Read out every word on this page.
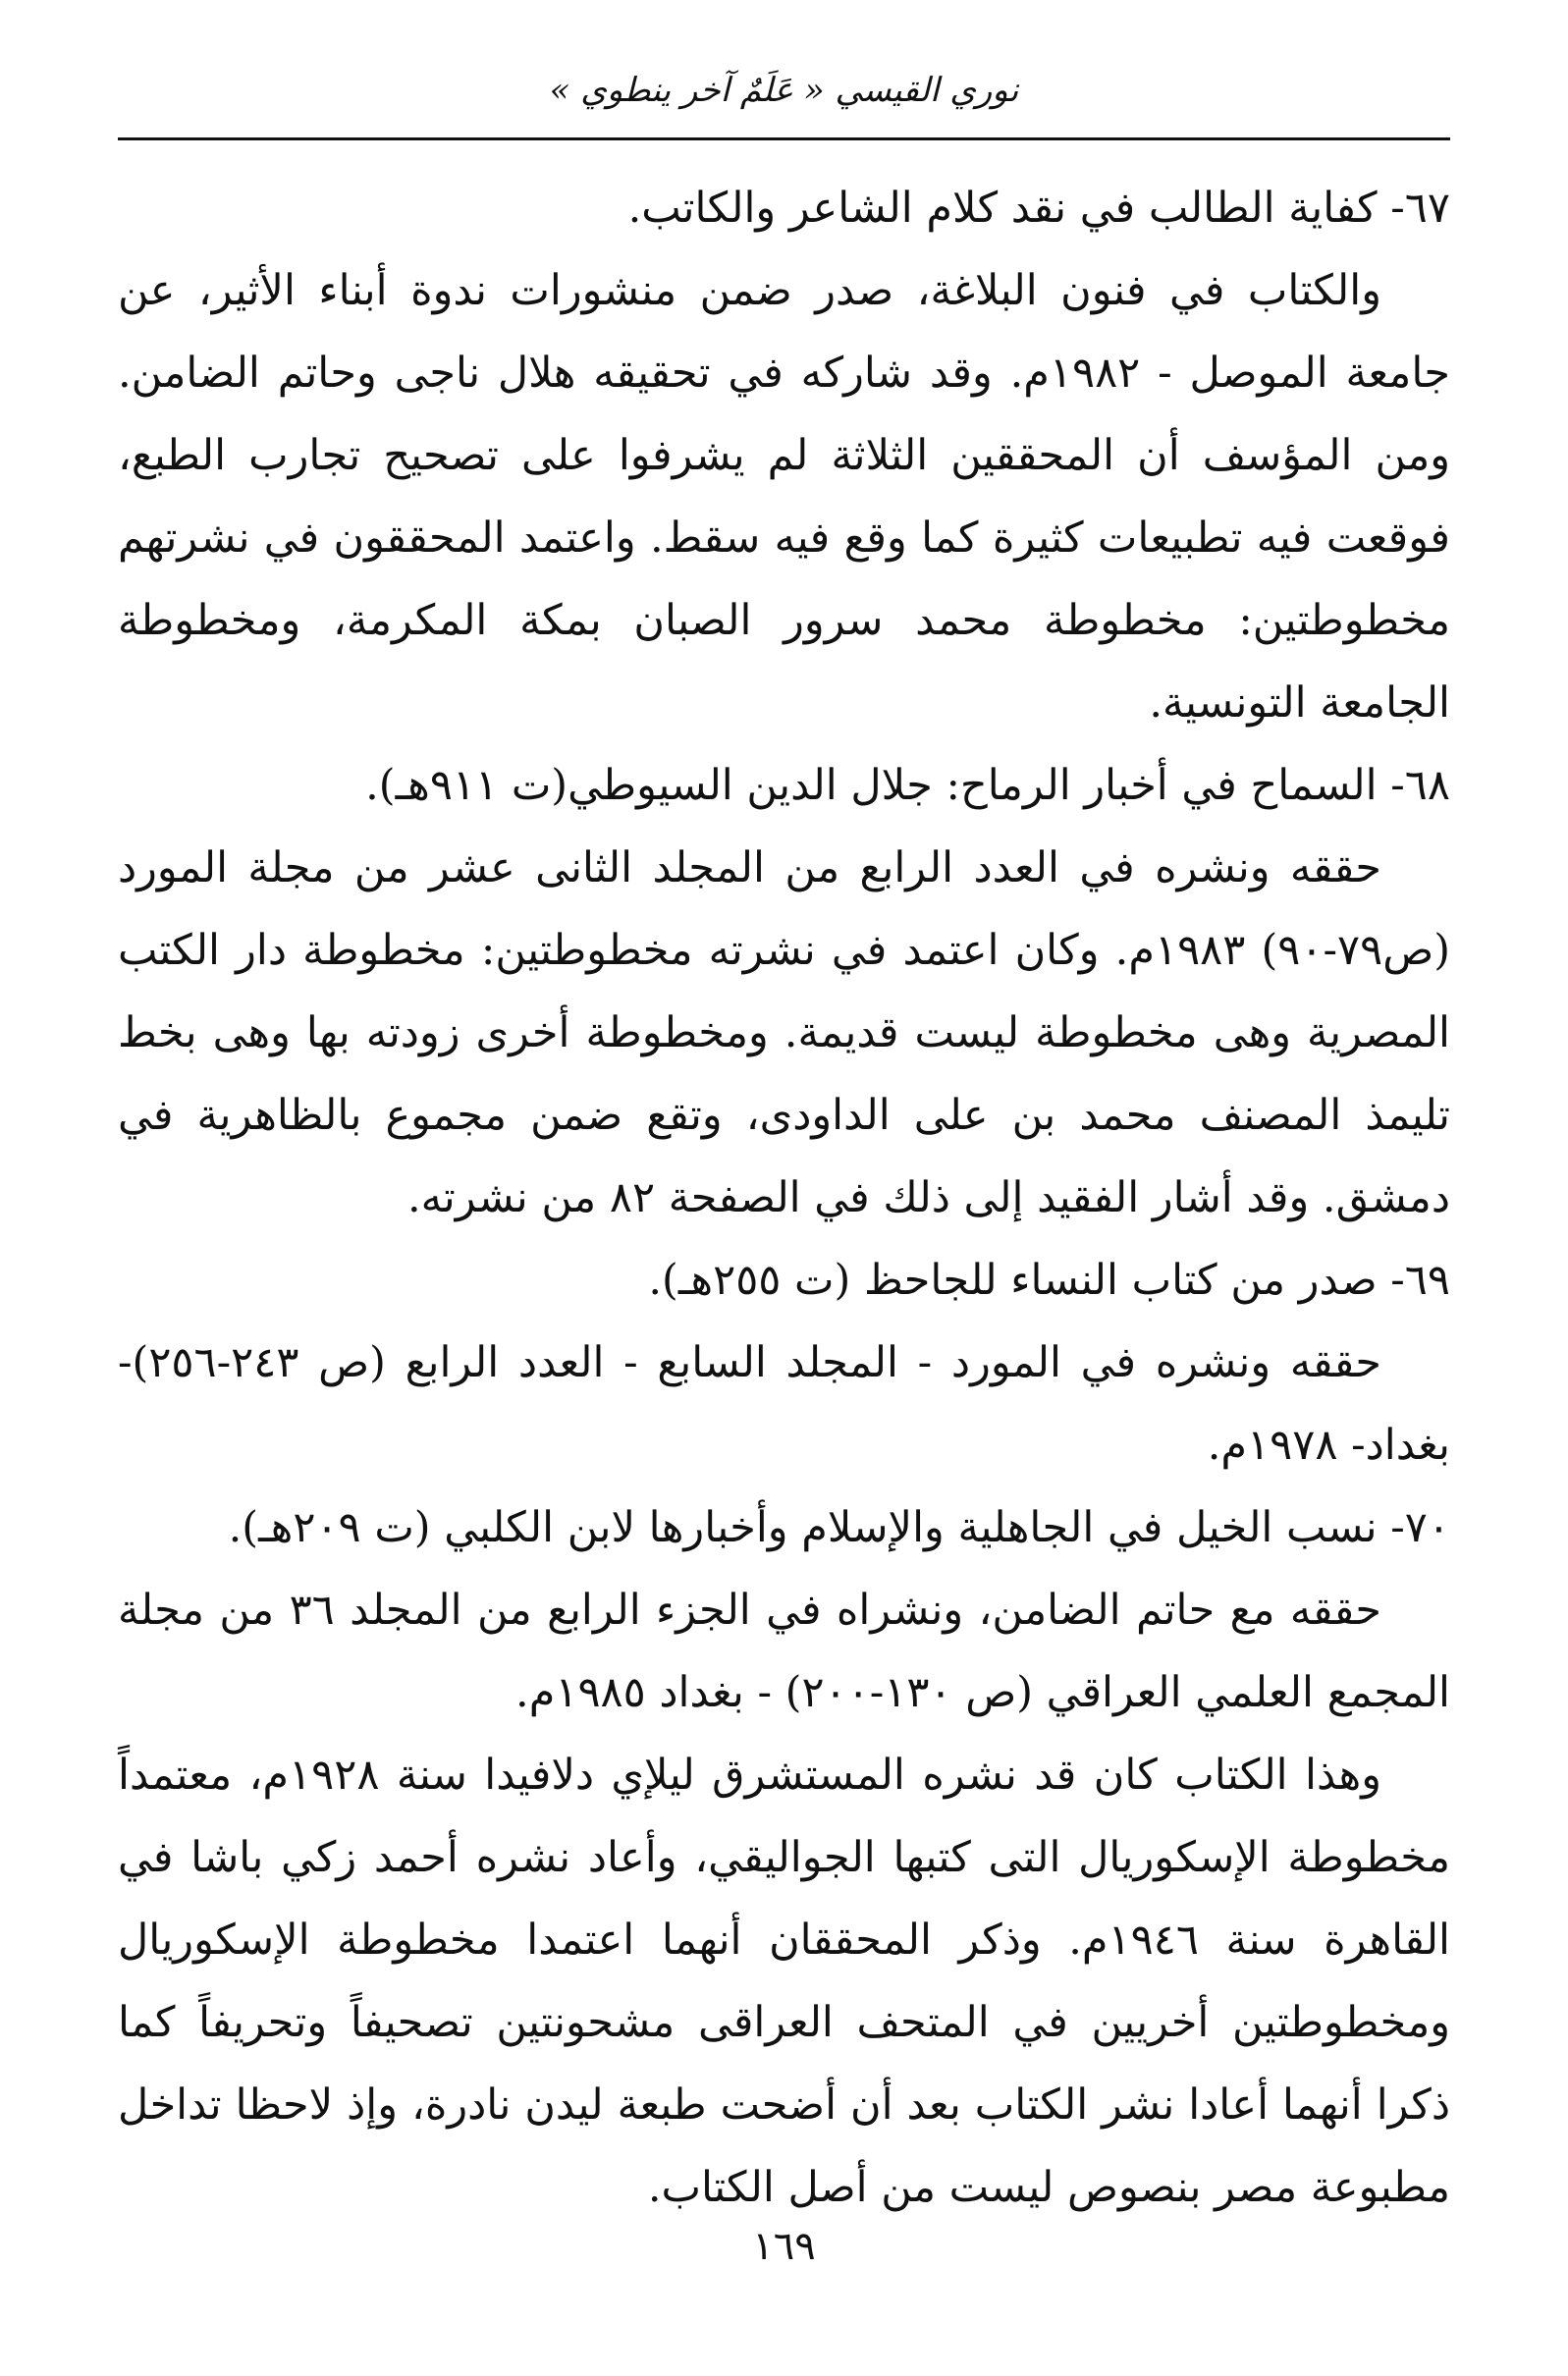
نوري القيسي « عَلَمٌ آخر ينطوي »

٦٧- كفاية الطالب في نقد كلام الشاعر والكاتب.

والكتاب في فنون البلاغة، صدر ضمن منشورات ندوة أبناء الأثير، عن جامعة الموصل - ١٩٨٢م. وقد شاركه في تحقيقه هلال ناجى وحاتم الضامن. ومن المؤسف أن المحققين الثلاثة لم يشرفوا على تصحيح تجارب الطبع، فوقعت فيه تطبيعات كثيرة كما وقع فيه سقط. واعتمد المحققون في نشرتهم مخطوطتين: مخطوطة محمد سرور الصبان بمكة المكرمة، ومخطوطة الجامعة التونسية.

٦٨- السماح في أخبار الرماح: جلال الدين السيوطي(ت ٩١١هـ).

حققه ونشره في العدد الرابع من المجلد الثانى عشر من مجلة المورد (ص٧٩-٩٠) ١٩٨٣م. وكان اعتمد في نشرته مخطوطتين: مخطوطة دار الكتب المصرية وهى مخطوطة ليست قديمة. ومخطوطة أخرى زودته بها وهى بخط تليمذ المصنف محمد بن على الداودى، وتقع ضمن مجموع بالظاهرية في دمشق. وقد أشار الفقيد إلى ذلك في الصفحة ٨٢ من نشرته.

٦٩- صدر من كتاب النساء للجاحظ (ت ٢٥٥هـ).

حققه ونشره في المورد - المجلد السابع - العدد الرابع (ص ٢٤٣-٢٥٦)- بغداد- ١٩٧٨م.

٧٠- نسب الخيل في الجاهلية والإسلام وأخبارها لابن الكلبي (ت ٢٠٩هـ).

حققه مع حاتم الضامن، ونشراه في الجزء الرابع من المجلد ٣٦ من مجلة المجمع العلمي العراقي (ص ١٣٠-٢٠٠) - بغداد ١٩٨٥م.

وهذا الكتاب كان قد نشره المستشرق ليلإي دلافيدا سنة ١٩٢٨م، معتمداً مخطوطة الإسكوريال التى كتبها الجواليقي، وأعاد نشره أحمد زكي باشا في القاهرة سنة ١٩٤٦م. وذكر المحققان أنهما اعتمدا مخطوطة الإسكوريال ومخطوطتين أخريين في المتحف العراقى مشحونتين تصحيفاً وتحريفاً كما ذكرا أنهما أعادا نشر الكتاب بعد أن أضحت طبعة ليدن نادرة، وإذ لاحظا تداخل مطبوعة مصر بنصوص ليست من أصل الكتاب.

١٦٩
